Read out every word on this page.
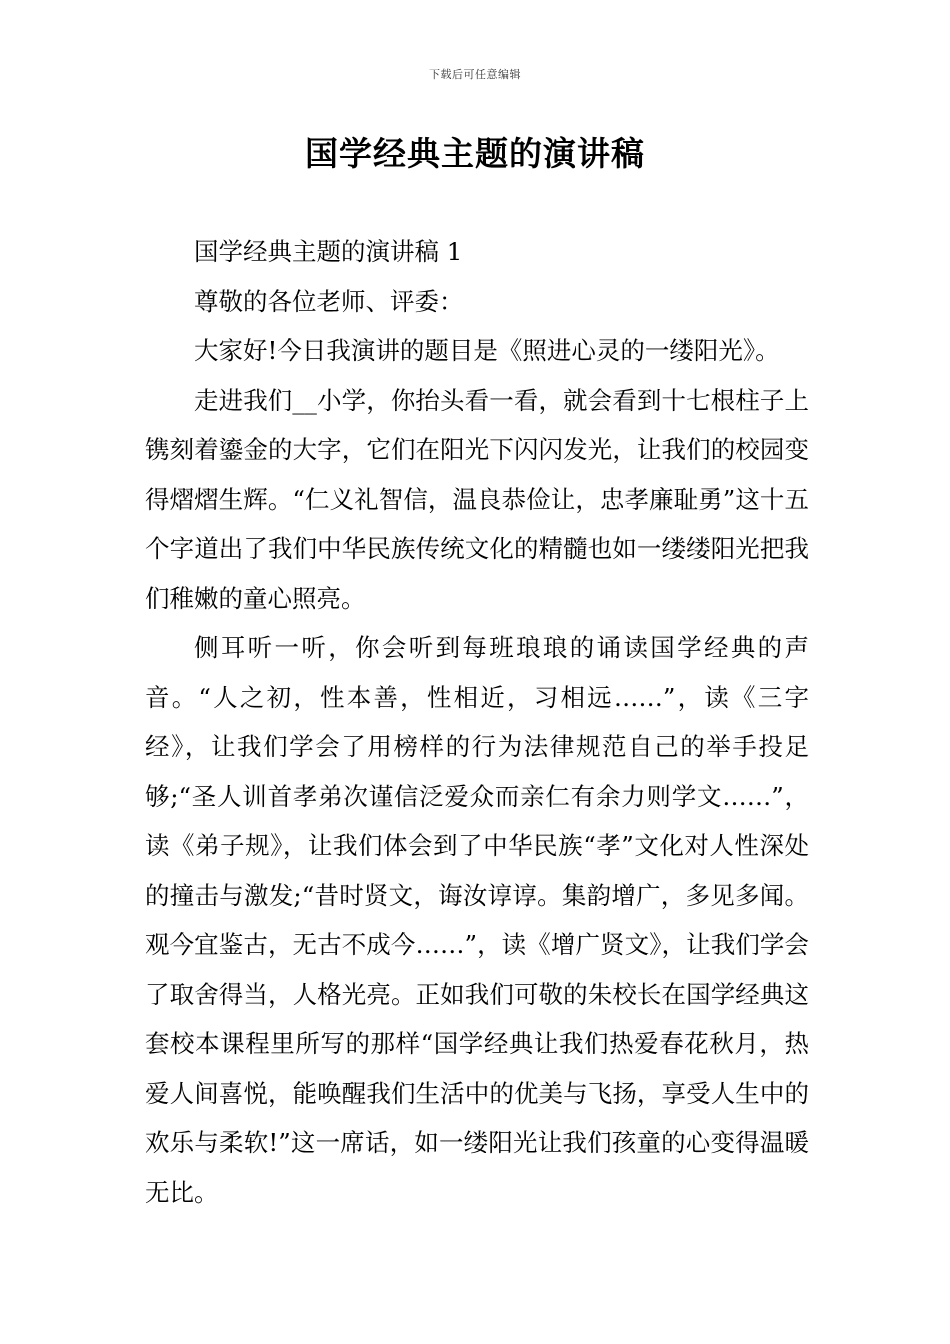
下载后可任意编辑
国学经典主题的演讲稿

国学经典主题的演讲稿 1

尊敬的各位老师、评委：

大家好!今日我演讲的题目是《照进心灵的一缕阳光》。

走进我们__小学，你抬头看一看，就会看到十七根柱子上镌刻着鎏金的大字，它们在阳光下闪闪发光，让我们的校园变得熠熠生辉。“仁义礼智信，温良恭俭让，忠孝廉耻勇”这十五个字道出了我们中华民族传统文化的精髓也如一缕缕阳光把我们稚嫩的童心照亮。

侧耳听一听，你会听到每班琅琅的诵读国学经典的声音。“人之初，性本善，性相近，习相远……”，读《三字经》，让我们学会了用榜样的行为法律规范自己的举手投足够;“圣人训首孝弟次谨信泛爱众而亲仁有余力则学文……”，读《弟子规》，让我们体会到了中华民族“孝”文化对人性深处的撞击与激发;“昔时贤文，诲汝谆谆。集韵增广，多见多闻。观今宜鉴古，无古不成今……”，读《增广贤文》，让我们学会了取舍得当，人格光亮。正如我们可敬的朱校长在国学经典这套校本课程里所写的那样“国学经典让我们热爱春花秋月，热爱人间喜悦，能唤醒我们生活中的优美与飞扬，享受人生中的欢乐与柔软!”这一席话，如一缕阳光让我们孩童的心变得温暖无比。
